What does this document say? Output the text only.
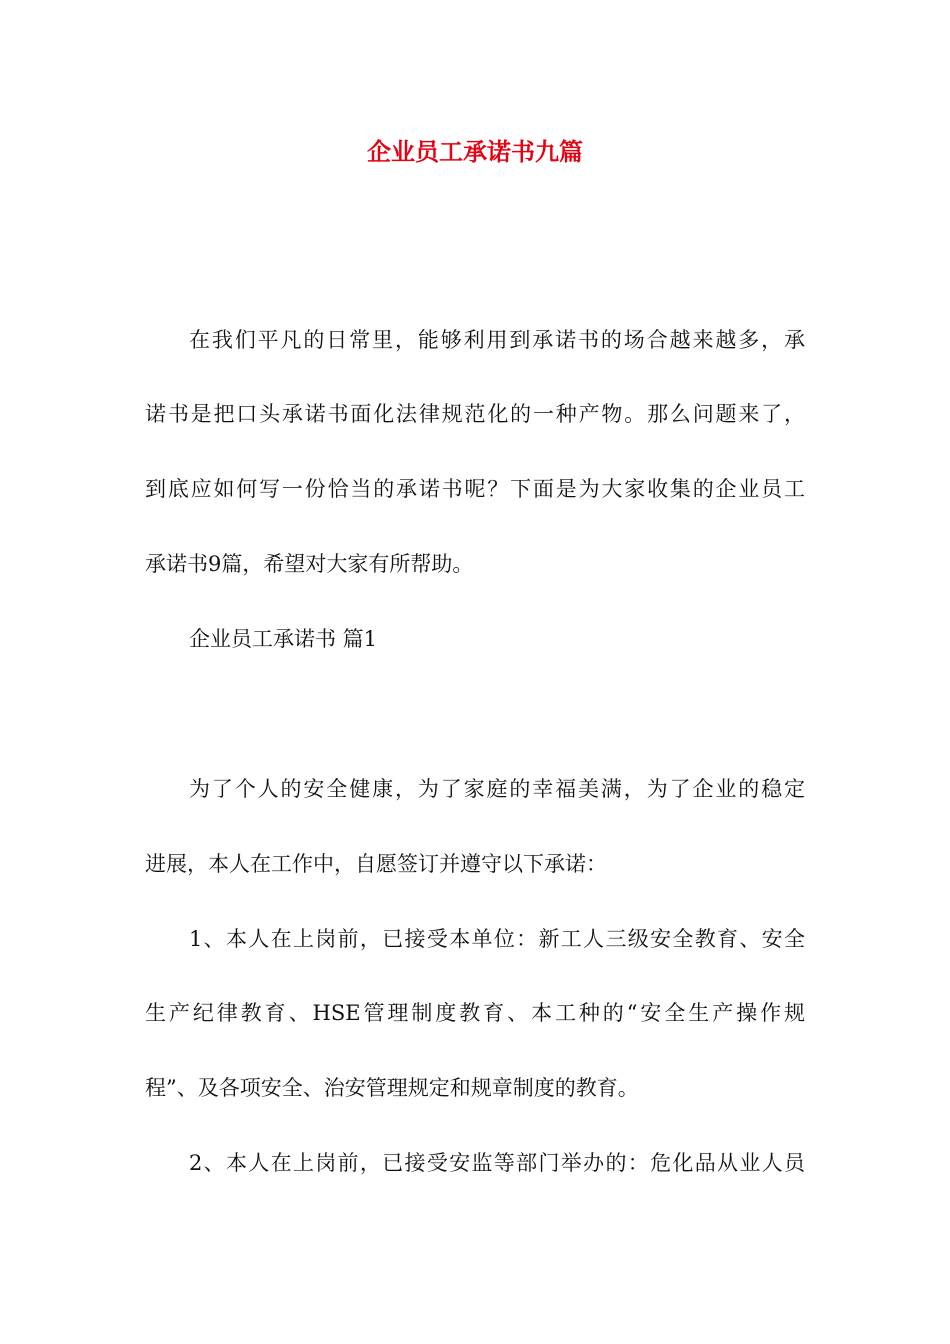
企业员工承诺书九篇
在我们平凡的日常里，能够利用到承诺书的场合越来越多，承
诺书是把口头承诺书面化法律规范化的一种产物。那么问题来了，
到底应如何写一份恰当的承诺书呢？下面是为大家收集的企业员工
承诺书9篇，希望对大家有所帮助。
企业员工承诺书 篇1
为了个人的安全健康，为了家庭的幸福美满，为了企业的稳定
进展，本人在工作中，自愿签订并遵守以下承诺：
1、本人在上岗前，已接受本单位：新工人三级安全教育、安全
生产纪律教育、HSE管理制度教育、本工种的“安全生产操作规
程”、及各项安全、治安管理规定和规章制度的教育。
2、本人在上岗前，已接受安监等部门举办的：危化品从业人员
